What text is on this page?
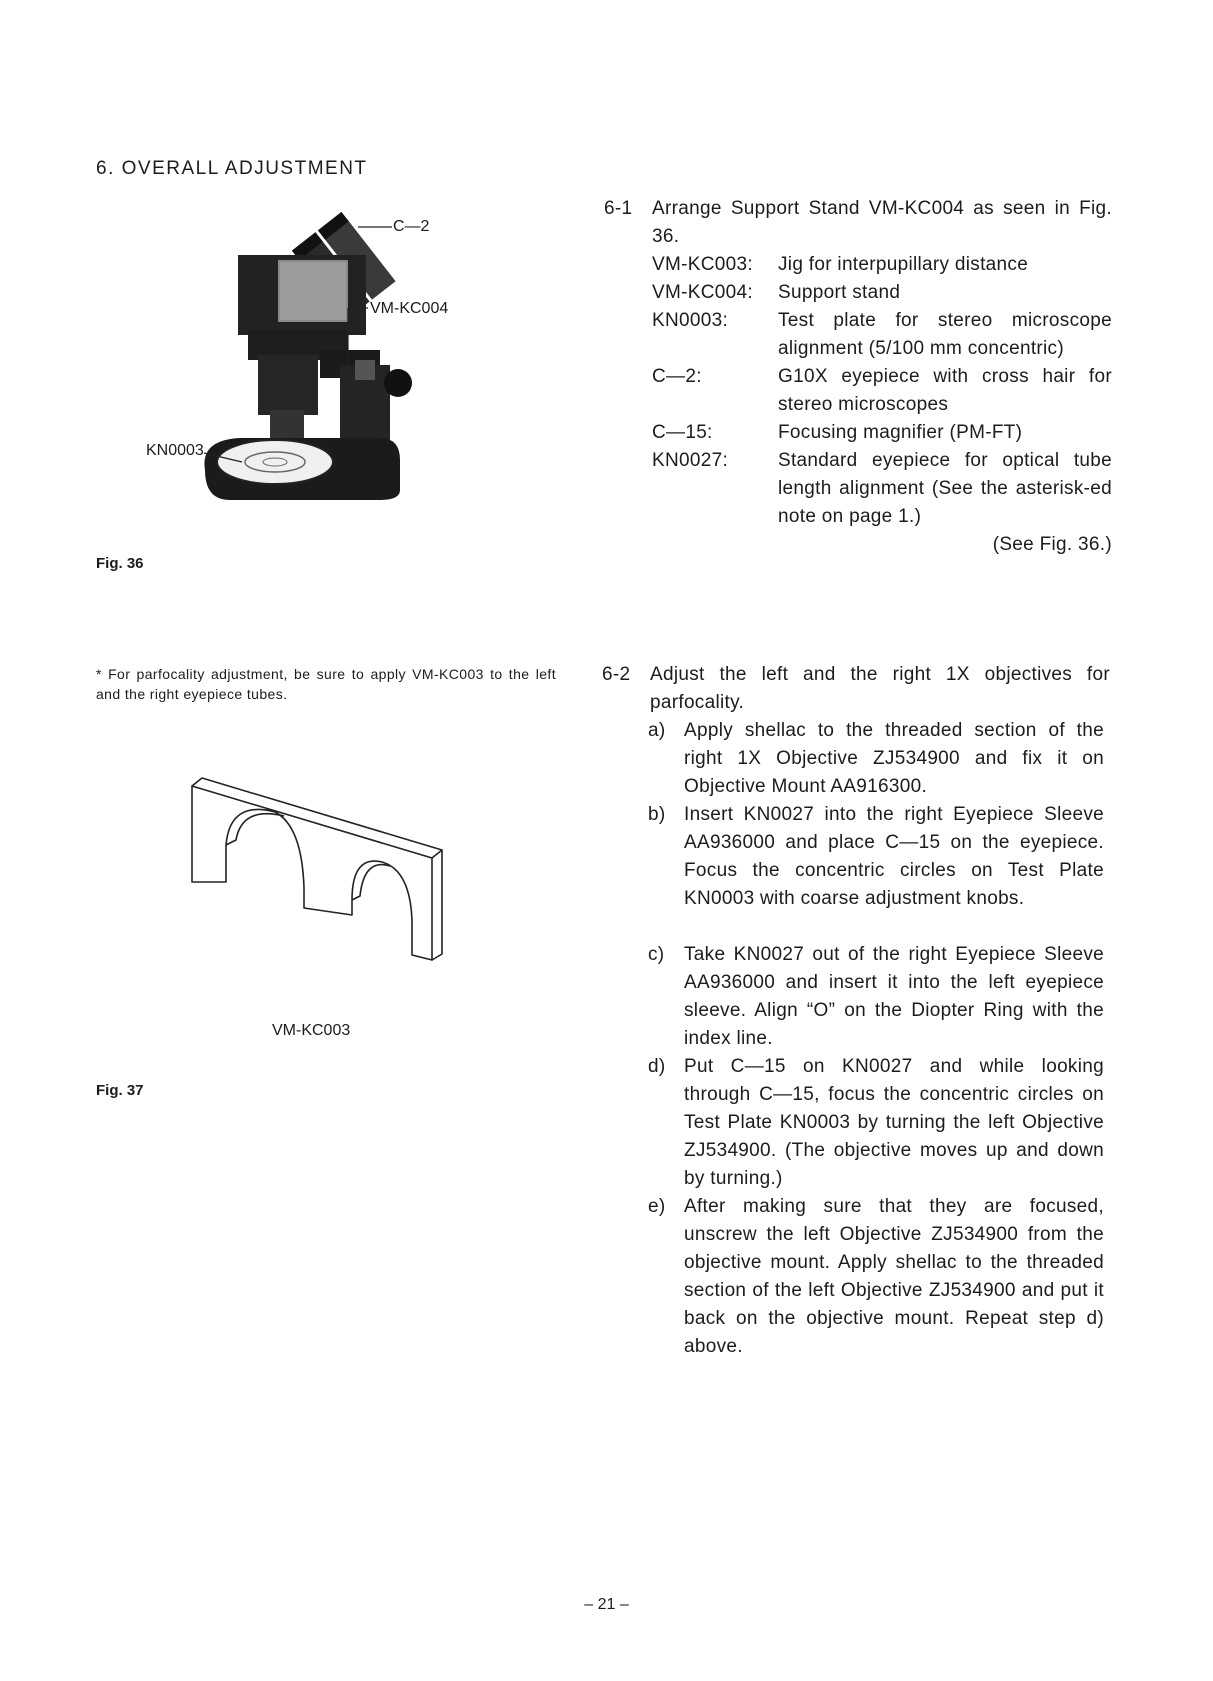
6. OVERALL ADJUSTMENT
C—2
VM-KC004
KN0003
Fig. 36
* For parfocality adjustment, be sure to apply VM-KC003 to the left and the right eyepiece tubes.
VM-KC003
Fig. 37
6-1 Arrange Support Stand VM-KC004 as seen in Fig. 36.
VM-KC003: Jig for interpupillary distance
VM-KC004: Support stand
KN0003:	Test plate for stereo microscope alignment (5/100 mm concentric)
C—2:	G10X eyepiece with cross hair for stereo microscopes
C—15:	Focusing magnifier (PM-FT)
KN0027:	Standard eyepiece for optical tube length alignment (See the asterisk-ed note on page 1.)
(See Fig. 36.)
6-2 Adjust the left and the right 1X objectives for parfocality.
a) Apply shellac to the threaded section of the right 1X Objective ZJ534900 and fix it on Objective Mount AA916300.
b) Insert KN0027 into the right Eyepiece Sleeve AA936000 and place C—15 on the eyepiece. Focus the concentric circles on Test Plate KN0003 with coarse adjustment knobs.
c) Take KN0027 out of the right Eyepiece Sleeve AA936000 and insert it into the left eyepiece sleeve. Align “O” on the Diopter Ring with the index line.
d) Put C—15 on KN0027 and while looking through C—15, focus the concentric circles on Test Plate KN0003 by turning the left Objective ZJ534900. (The objective moves up and down by turning.)
e) After making sure that they are focused, unscrew the left Objective ZJ534900 from the objective mount. Apply shellac to the threaded section of the left Objective ZJ534900 and put it back on the objective mount. Repeat step d) above.
– 21 –
